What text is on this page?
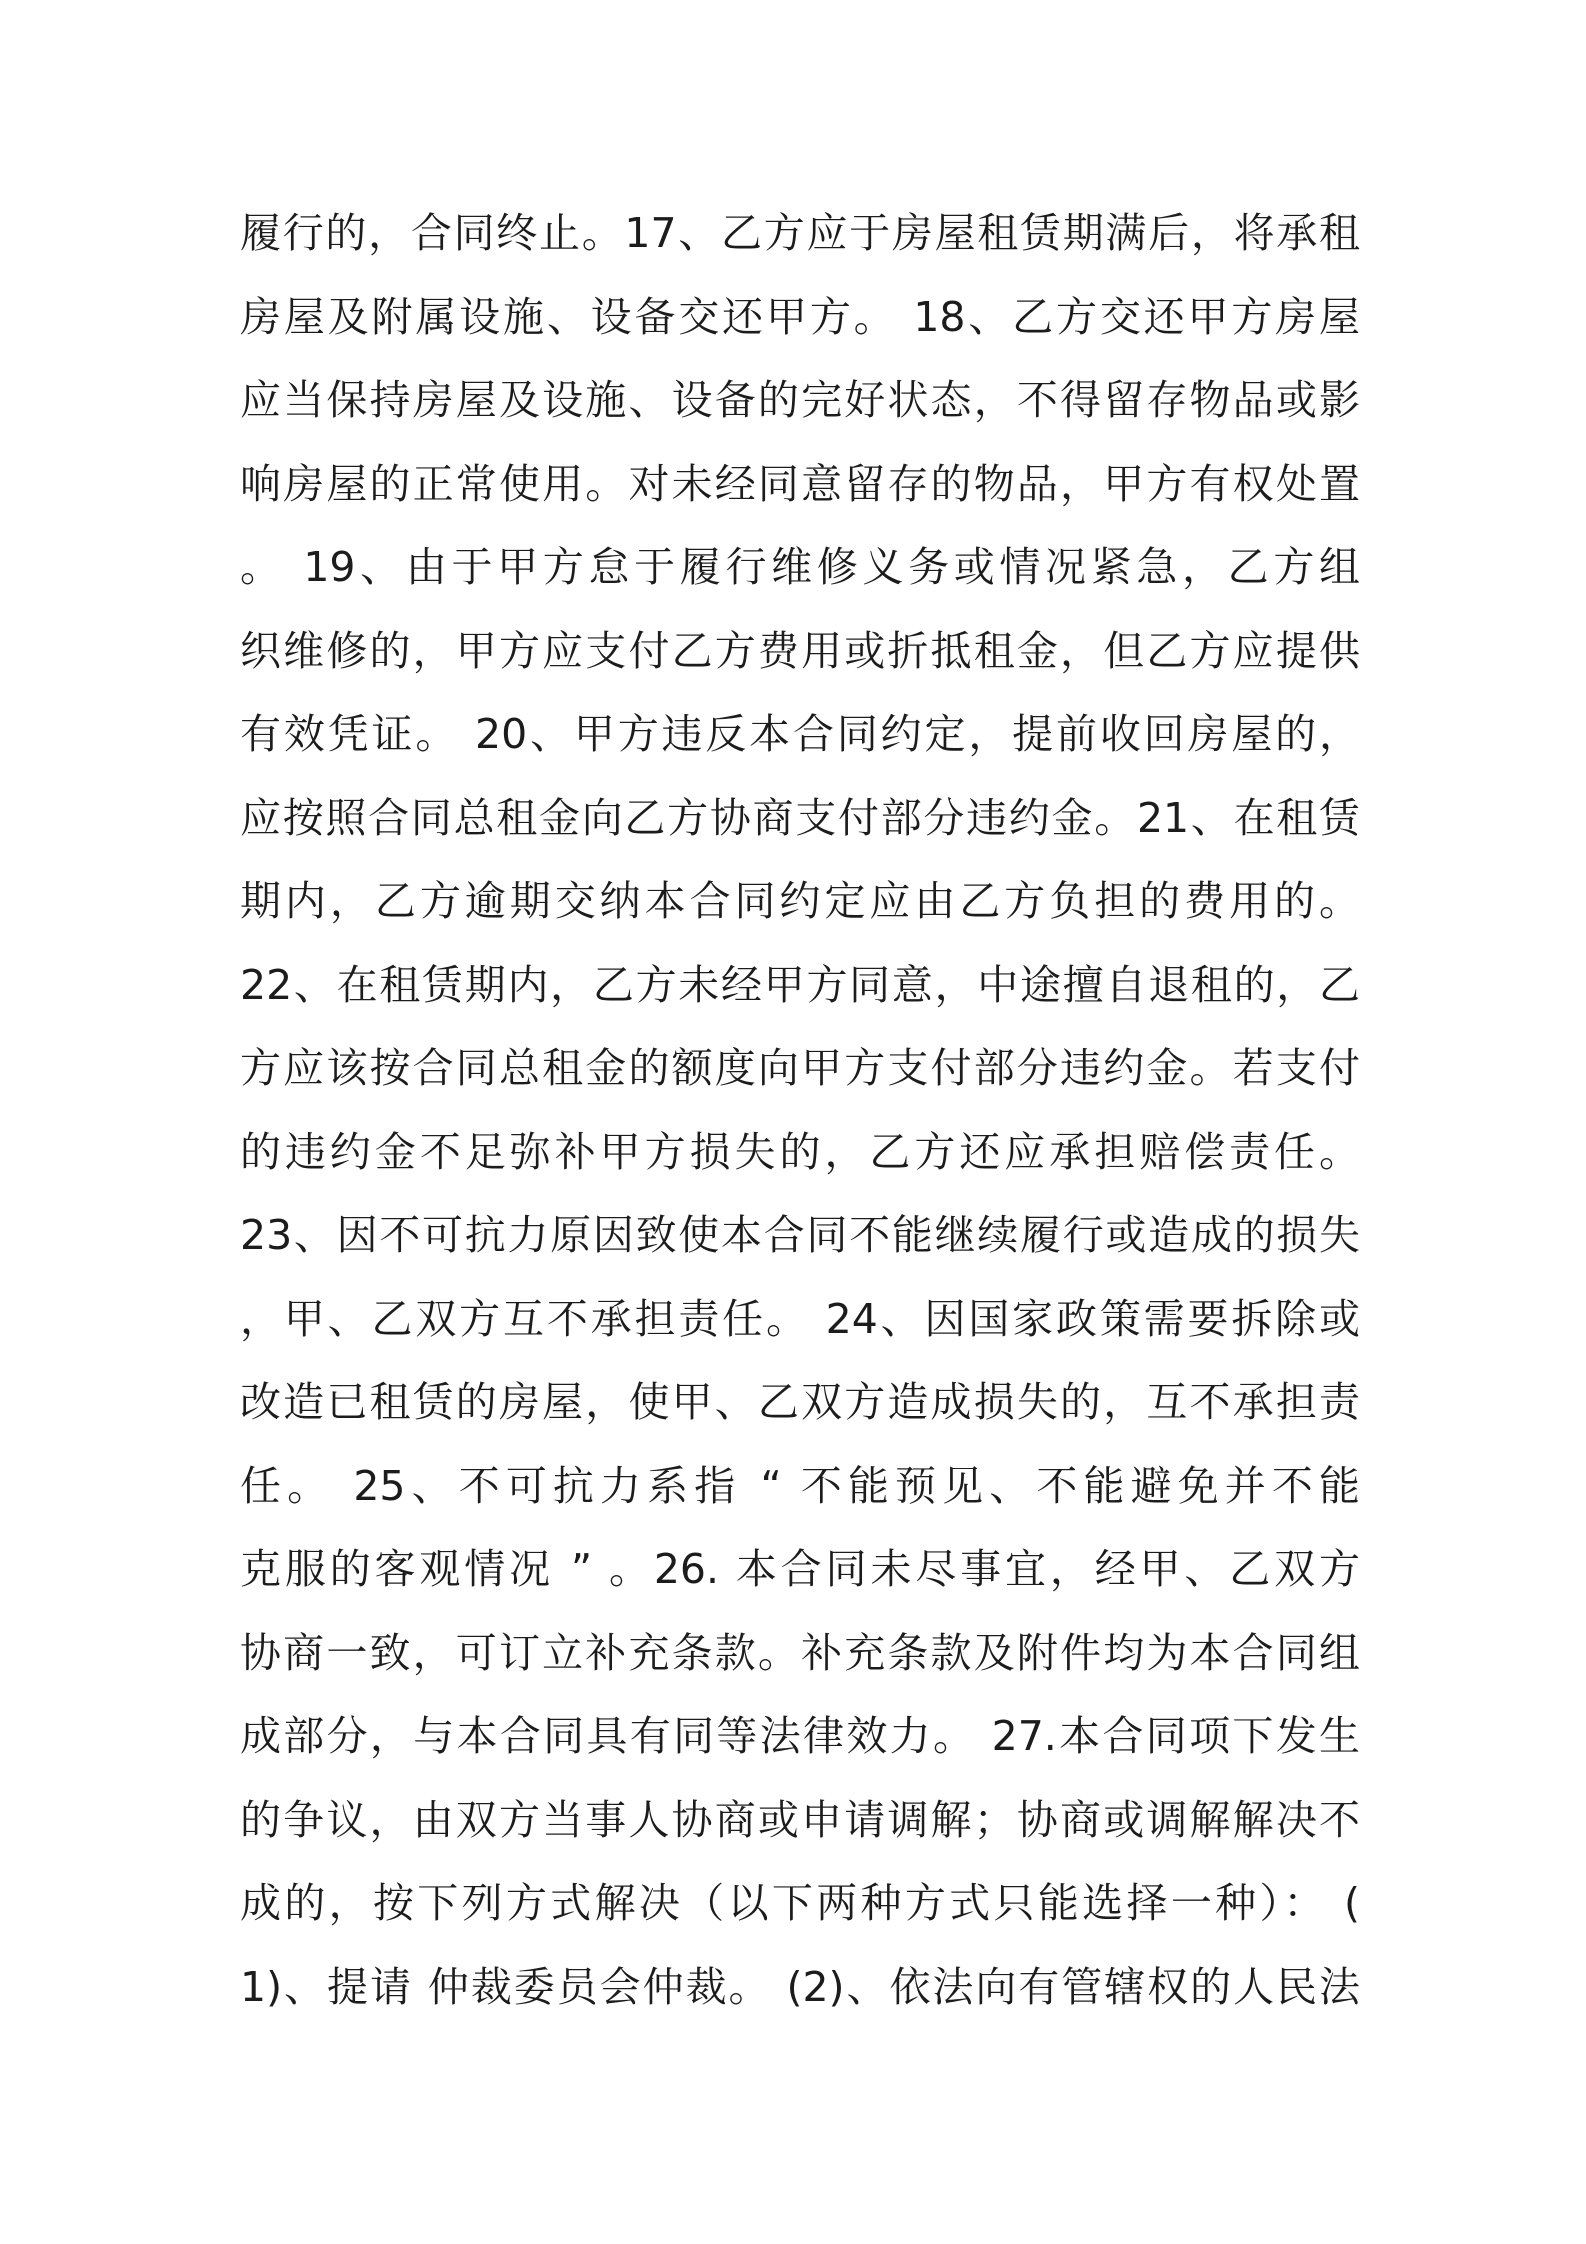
履行的，合同终止。17、乙方应于房屋租赁期满后，将承租
房屋及附属设施、设备交还甲方。 18、乙方交还甲方房屋
应当保持房屋及设施、设备的完好状态，不得留存物品或影
响房屋的正常使用。对未经同意留存的物品，甲方有权处置
。 19、由于甲方怠于履行维修义务或情况紧急，乙方组
织维修的，甲方应支付乙方费用或折抵租金，但乙方应提供
有效凭证。 20、甲方违反本合同约定，提前收回房屋的，
应按照合同总租金向乙方协商支付部分违约金。21、在租赁
期内，乙方逾期交纳本合同约定应由乙方负担的费用的。
22、在租赁期内，乙方未经甲方同意，中途擅自退租的，乙
方应该按合同总租金的额度向甲方支付部分违约金。若支付
的违约金不足弥补甲方损失的，乙方还应承担赔偿责任。
23、因不可抗力原因致使本合同不能继续履行或造成的损失
，甲、乙双方互不承担责任。 24、因国家政策需要拆除或
改造已租赁的房屋，使甲、乙双方造成损失的，互不承担责
任。 25、不可抗力系指 “ 不能预见、不能避免并不能
克服的客观情况 ” 。26. 本合同未尽事宜，经甲、乙双方
协商一致，可订立补充条款。补充条款及附件均为本合同组
成部分，与本合同具有同等法律效力。 27.本合同项下发生
的争议，由双方当事人协商或申请调解；协商或调解解决不
成的，按下列方式解决（以下两种方式只能选择一种）： (
1)、提请 仲裁委员会仲裁。 (2)、依法向有管辖权的人民法
